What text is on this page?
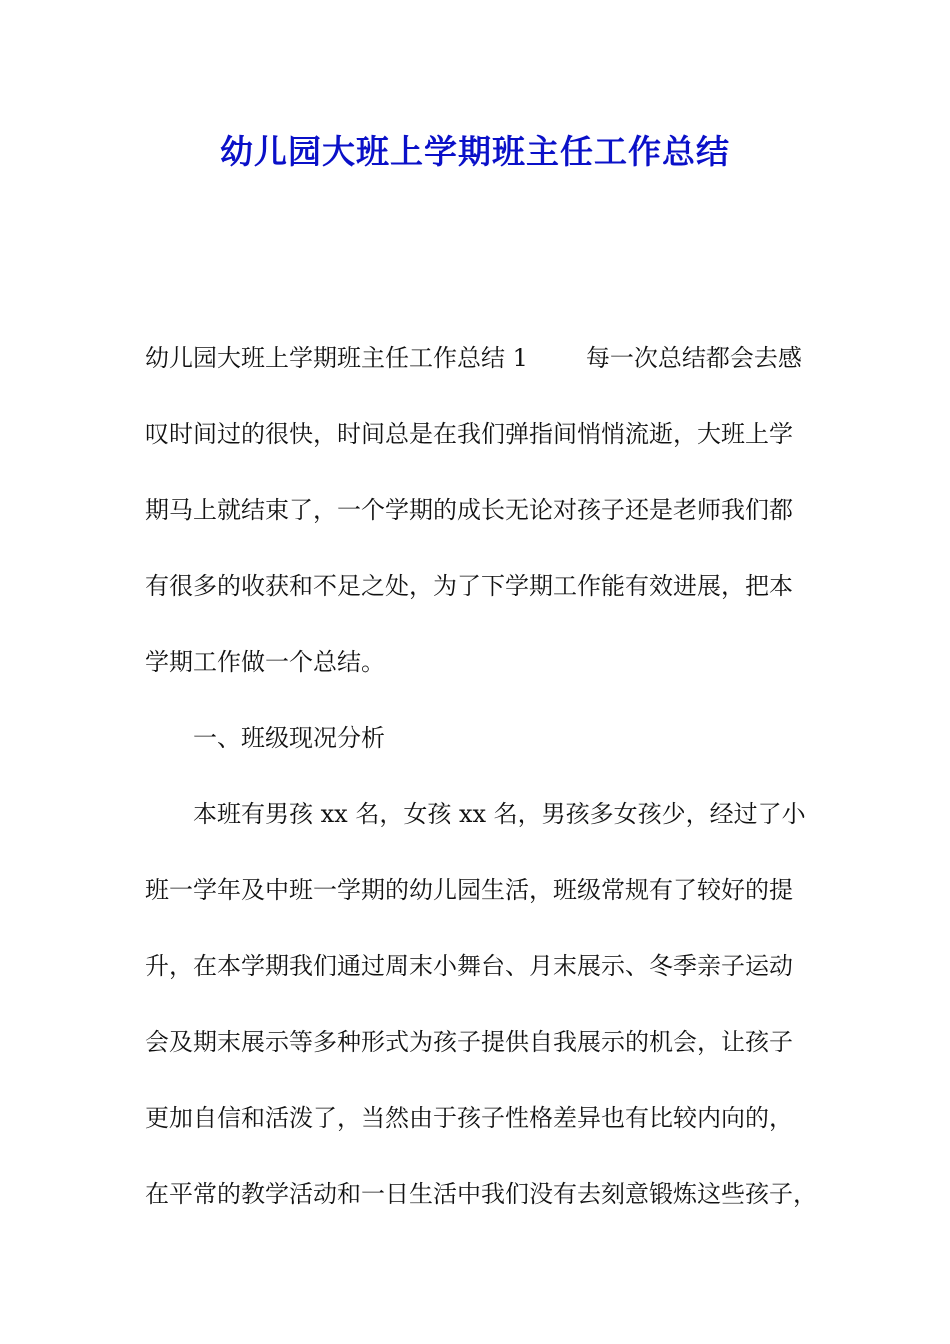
幼儿园大班上学期班主任工作总结
幼儿园大班上学期班主任工作总结 1 每一次总结都会去感
叹时间过的很快，时间总是在我们弹指间悄悄流逝，大班上学
期马上就结束了，一个学期的成长无论对孩子还是老师我们都
有很多的收获和不足之处，为了下学期工作能有效进展，把本
学期工作做一个总结。
一、班级现况分析
本班有男孩 xx 名，女孩 xx 名，男孩多女孩少，经过了小
班一学年及中班一学期的幼儿园生活，班级常规有了较好的提
升，在本学期我们通过周末小舞台、月末展示、冬季亲子运动
会及期末展示等多种形式为孩子提供自我展示的机会，让孩子
更加自信和活泼了，当然由于孩子性格差异也有比较内向的，
在平常的教学活动和一日生活中我们没有去刻意锻炼这些孩子，
